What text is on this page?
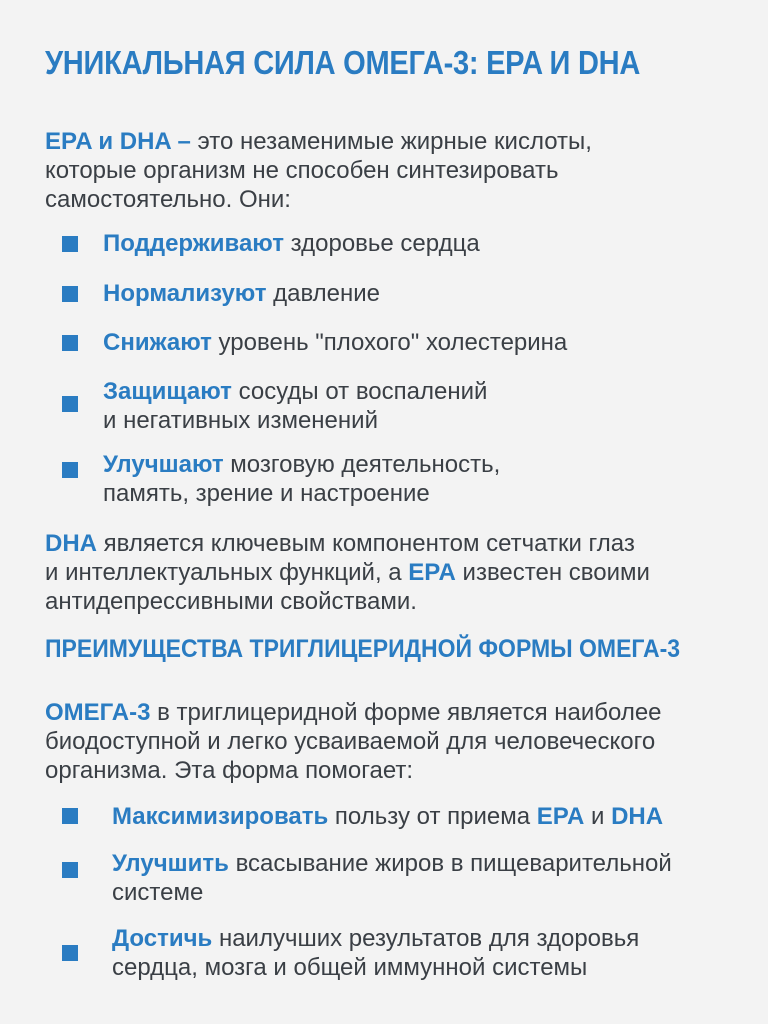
УНИКАЛЬНАЯ СИЛА ОМЕГА-3: EPA И DHA

EPA и DHA – это незаменимые жирные кислоты,
которые организм не способен синтезировать
самостоятельно. Они:

Поддерживают здоровье сердца
Нормализуют давление
Снижают уровень "плохого" холестерина
Защищают сосуды от воспалений
и негативных изменений
Улучшают мозговую деятельность,
память, зрение и настроение

DHA является ключевым компонентом сетчатки глаз
и интеллектуальных функций, а EPA известен своими
антидепрессивными свойствами.

ПРЕИМУЩЕСТВА ТРИГЛИЦЕРИДНОЙ ФОРМЫ ОМЕГА-3

ОМЕГА-3 в триглицеридной форме является наиболее
биодоступной и легко усваиваемой для человеческого
организма. Эта форма помогает:

Максимизировать пользу от приема EPA и DHA
Улучшить всасывание жиров в пищеварительной
системе
Достичь наилучших результатов для здоровья
сердца, мозга и общей иммунной системы
